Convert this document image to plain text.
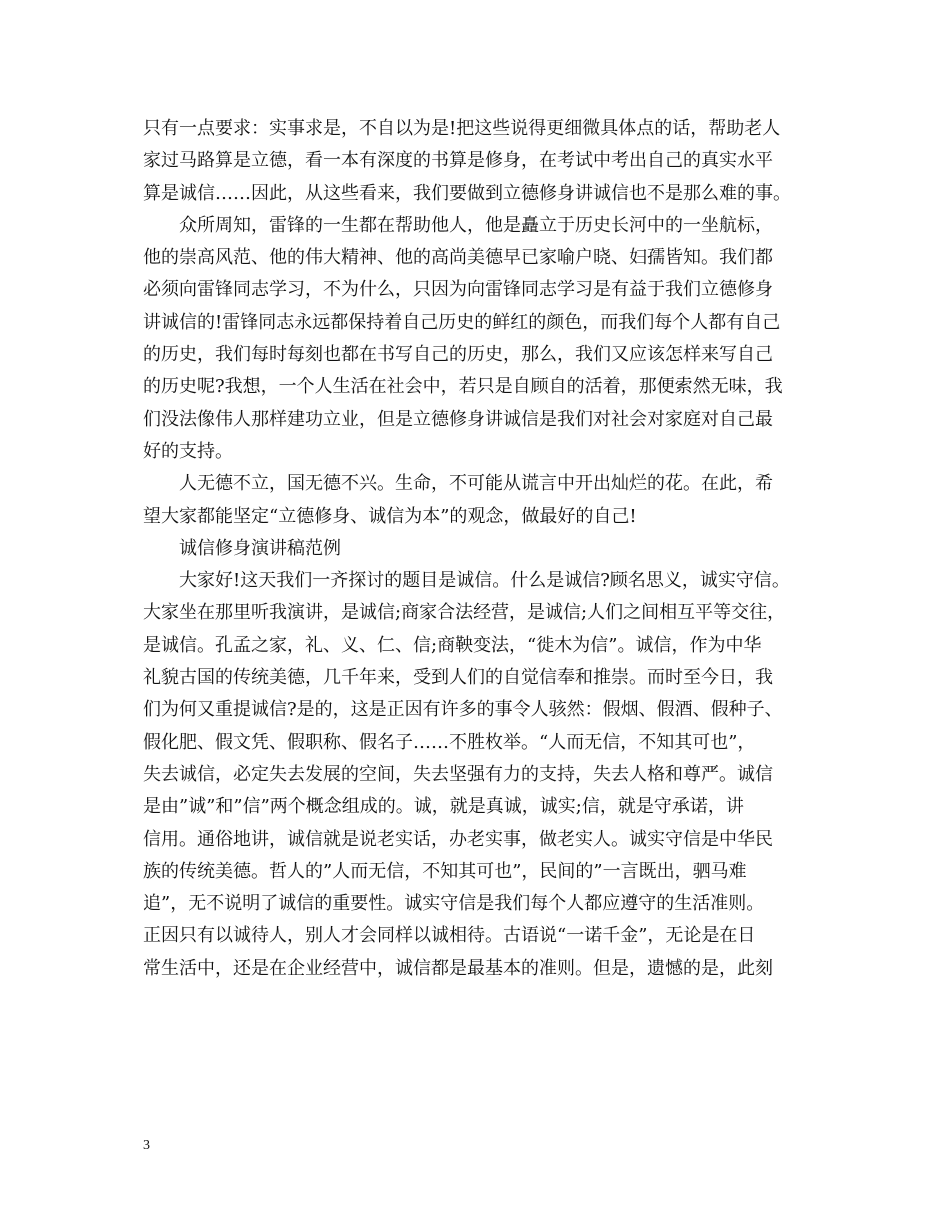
只有一点要求：实事求是，不自以为是!把这些说得更细微具体点的话，帮助老人
家过马路算是立德，看一本有深度的书算是修身，在考试中考出自己的真实水平
算是诚信……因此，从这些看来，我们要做到立德修身讲诚信也不是那么难的事。
众所周知，雷锋的一生都在帮助他人，他是矗立于历史长河中的一坐航标，
他的崇高风范、他的伟大精神、他的高尚美德早已家喻户晓、妇孺皆知。我们都
必须向雷锋同志学习，不为什么，只因为向雷锋同志学习是有益于我们立德修身
讲诚信的!雷锋同志永远都保持着自己历史的鲜红的颜色，而我们每个人都有自己
的历史，我们每时每刻也都在书写自己的历史，那么，我们又应该怎样来写自己
的历史呢?我想，一个人生活在社会中，若只是自顾自的活着，那便索然无味，我
们没法像伟人那样建功立业，但是立德修身讲诚信是我们对社会对家庭对自己最
好的支持。
人无德不立，国无德不兴。生命，不可能从谎言中开出灿烂的花。在此，希
望大家都能坚定“立德修身、诚信为本”的观念，做最好的自己!
诚信修身演讲稿范例
大家好!这天我们一齐探讨的题目是诚信。什么是诚信?顾名思义，诚实守信。
大家坐在那里听我演讲，是诚信;商家合法经营，是诚信;人们之间相互平等交往，
是诚信。孔孟之家，礼、义、仁、信;商鞅变法，“徙木为信”。诚信，作为中华
礼貌古国的传统美德，几千年来，受到人们的自觉信奉和推崇。而时至今日，我
们为何又重提诚信?是的，这是正因有许多的事令人骇然：假烟、假酒、假种子、
假化肥、假文凭、假职称、假名子……不胜枚举。“人而无信，不知其可也”，
失去诚信，必定失去发展的空间，失去坚强有力的支持，失去人格和尊严。诚信
是由”诚”和”信”两个概念组成的。诚，就是真诚，诚实;信，就是守承诺，讲
信用。通俗地讲，诚信就是说老实话，办老实事，做老实人。诚实守信是中华民
族的传统美德。哲人的”人而无信，不知其可也”，民间的”一言既出，驷马难
追”，无不说明了诚信的重要性。诚实守信是我们每个人都应遵守的生活准则。
正因只有以诚待人，别人才会同样以诚相待。古语说“一诺千金”，无论是在日
常生活中，还是在企业经营中，诚信都是最基本的准则。但是，遗憾的是，此刻
3
